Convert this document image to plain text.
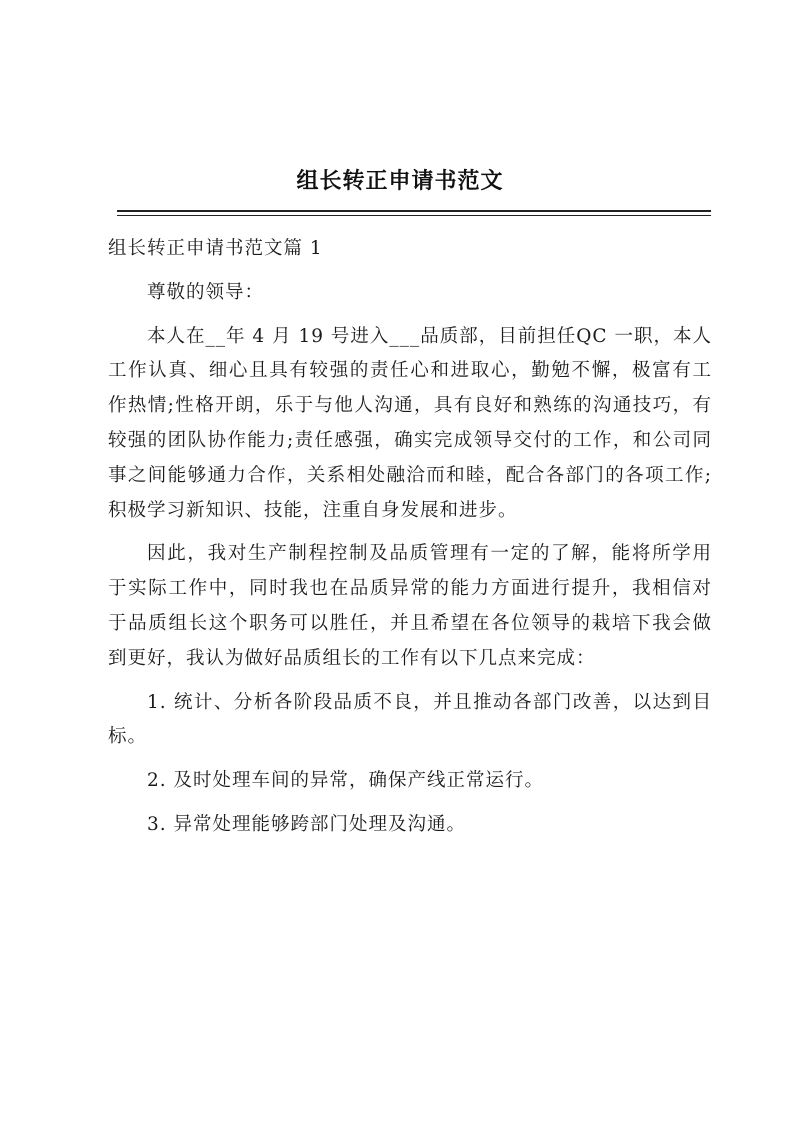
组长转正申请书范文

组长转正申请书范文篇 1

尊敬的领导：

本人在__年 4 月 19 号进入___品质部，目前担任QC 一职，本人工作认真、细心且具有较强的责任心和进取心，勤勉不懈，极富有工作热情;性格开朗，乐于与他人沟通，具有良好和熟练的沟通技巧，有较强的团队协作能力;责任感强，确实完成领导交付的工作，和公司同事之间能够通力合作，关系相处融洽而和睦，配合各部门的各项工作;积极学习新知识、技能，注重自身发展和进步。

因此，我对生产制程控制及品质管理有一定的了解，能将所学用于实际工作中，同时我也在品质异常的能力方面进行提升，我相信对于品质组长这个职务可以胜任，并且希望在各位领导的栽培下我会做到更好，我认为做好品质组长的工作有以下几点来完成：

1. 统计、分析各阶段品质不良，并且推动各部门改善，以达到目标。

2. 及时处理车间的异常，确保产线正常运行。

3. 异常处理能够跨部门处理及沟通。
